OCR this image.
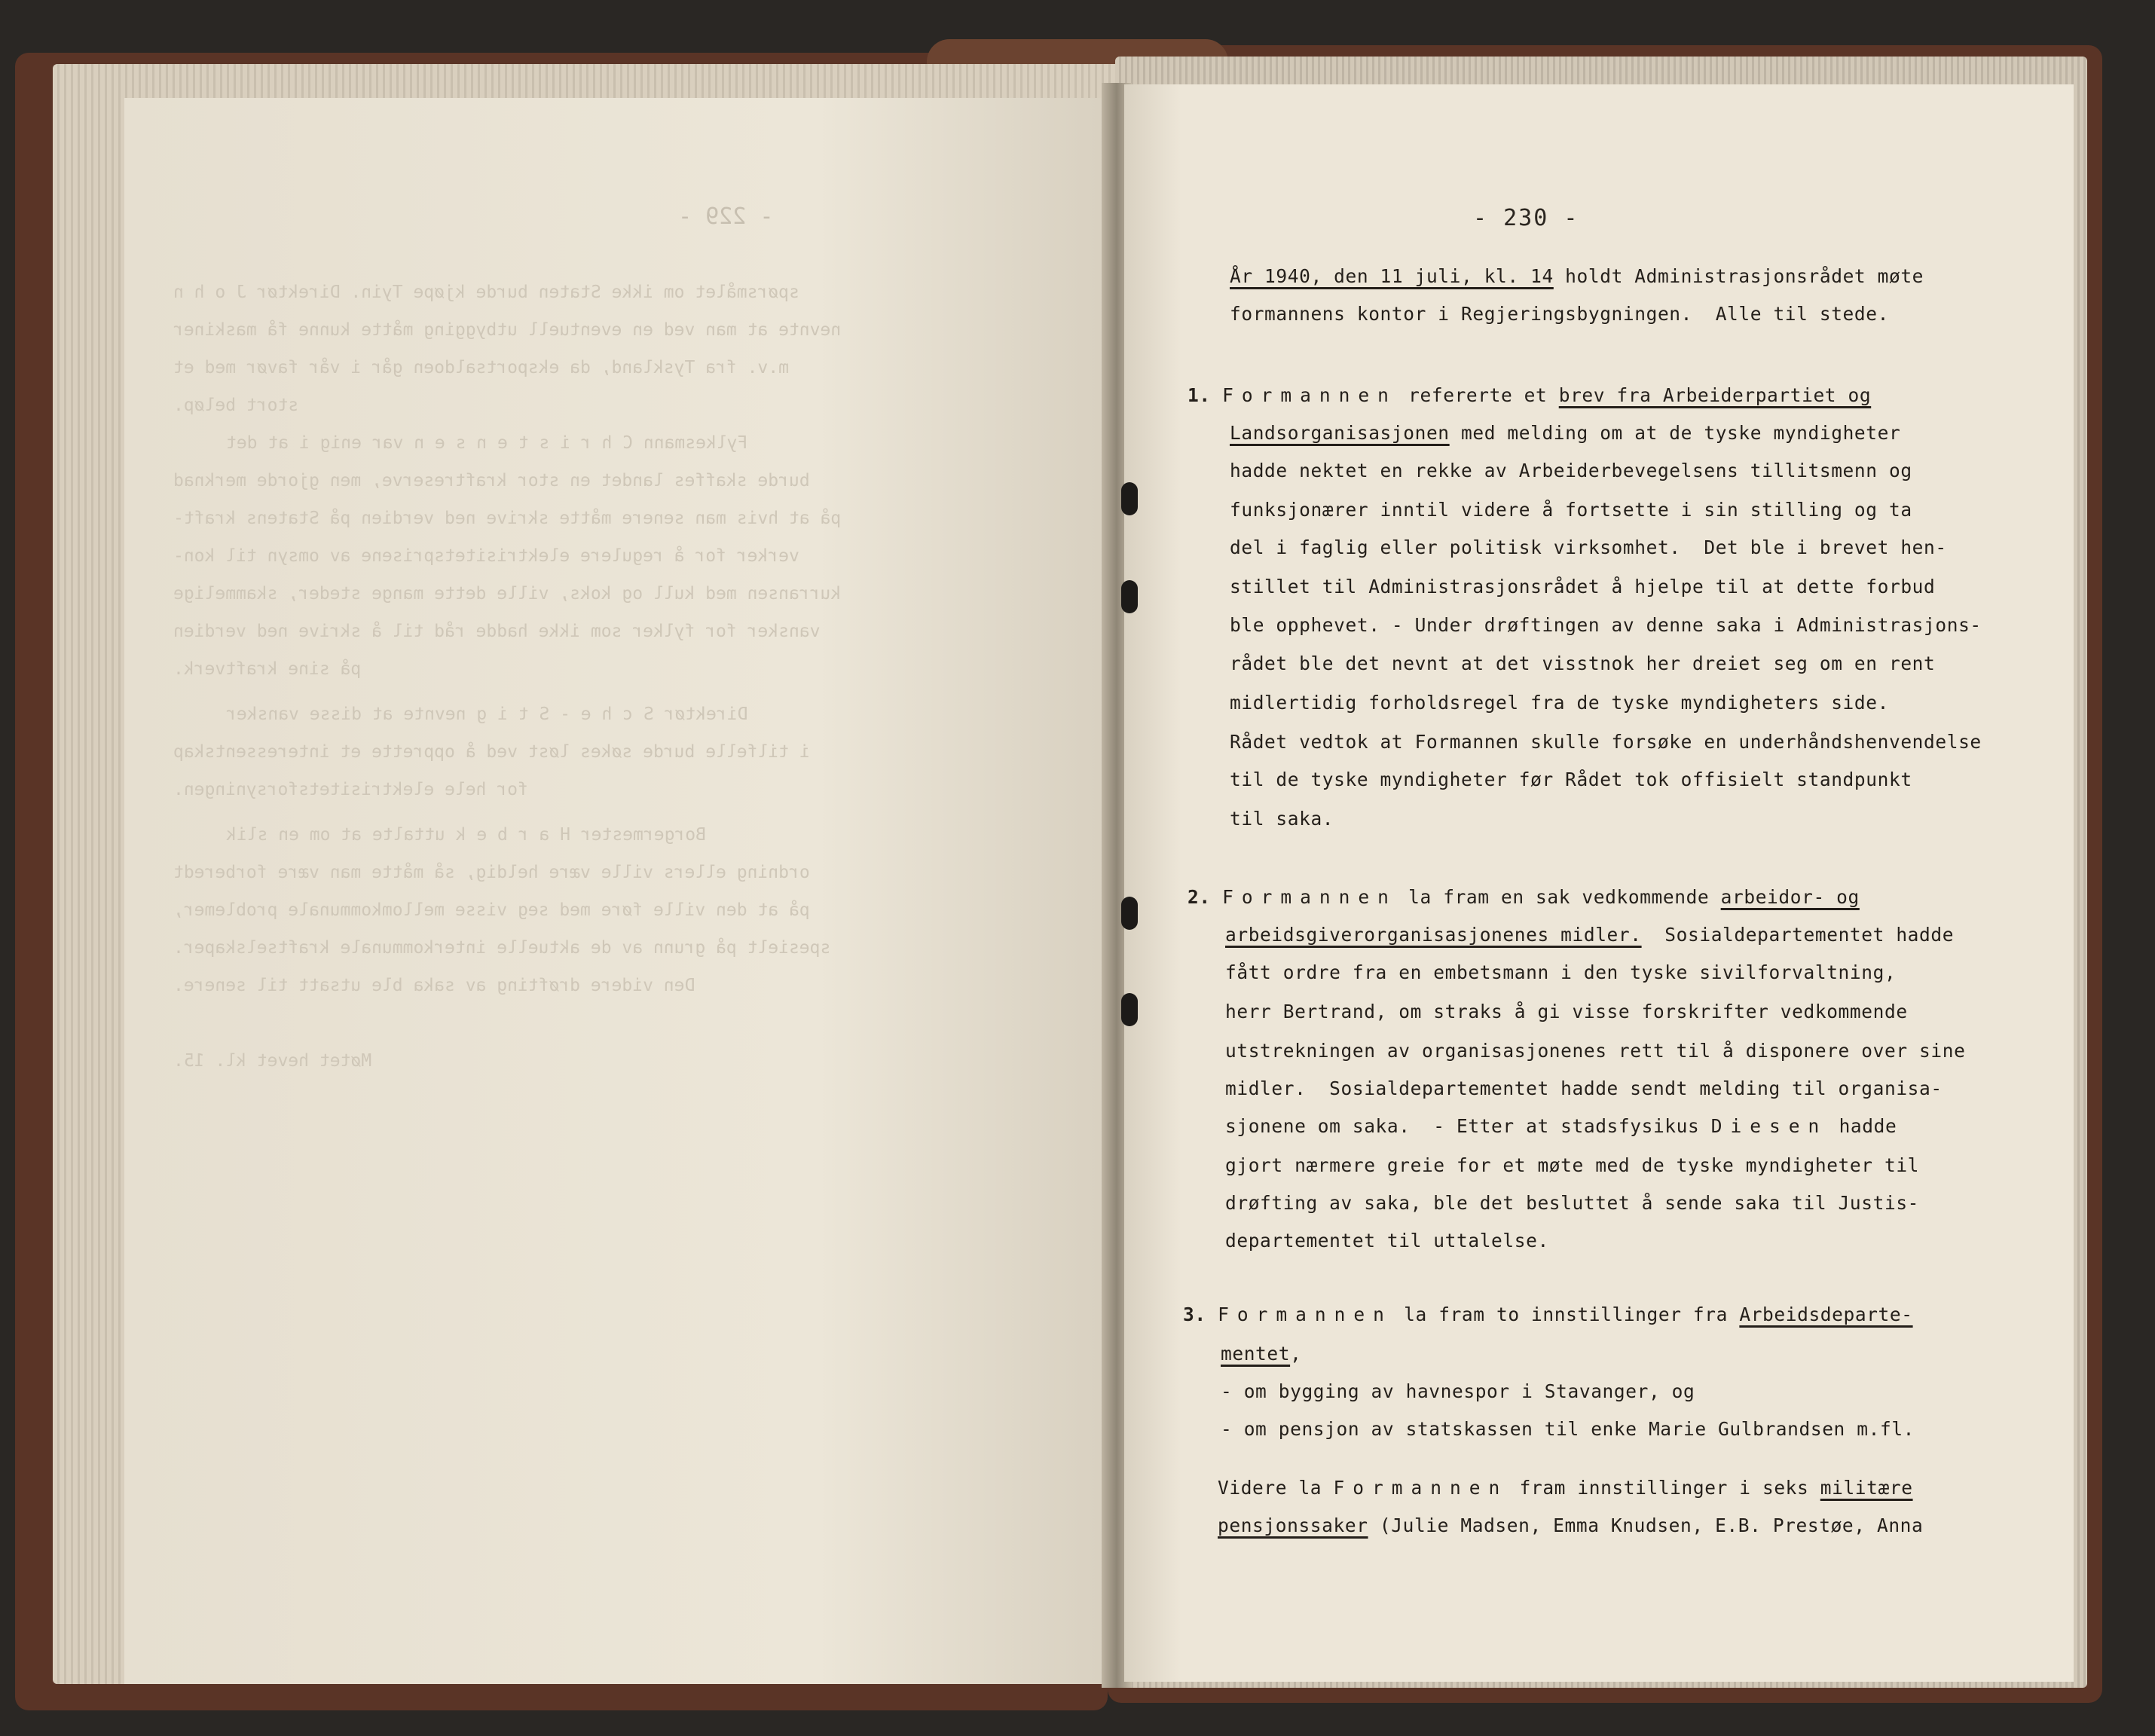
- 229 -
spørsmålet om ikke Staten burde kjøpe Tyin. Direktør J o h n
nevnte at man ved en eventuell utbygging måtte kunne få maskiner
m.v. fra Tyskland, da eksportsaldoen går i vår favør med et
stort beløp.
Fylkesmann C h r i s t e n s e n var enig i at det
burde skaffes landet en stor kraftreserve, men gjorde merknad
på at hvis man senere måtte skrive ned verdien på Statens kraft-
verker for å regulere elektrisitetsprisene av omsyn til kon-
kurransen med kull og koks, ville dette mange steder, skammelige
vansker for fylker som ikke hadde råd til å skrive ned verdien
på sine kraftverk.
Direktør S c h e - S t i g nevnte at disse vansker
i tilfelle burde søkes løst ved å opprette et interessentskap
for hele elektrisitetsforsyningen.
Borgermester H a r b e k uttalte at om en slik
ordning ellers ville være heldig, så måtte man være forberedt
på at den ville føre med seg visse mellomkommunale problemer,
spesielt på grunn av de aktuelle interkommunale kraftselskaper.
Den videre drøfting av saka ble utsatt til senere.
Møtet hevet kl. 15.
- 230 -
År 1940, den 11 juli, kl. 14 holdt Administrasjonsrådet møte
formannens kontor i Regjeringsbygningen.  Alle til stede.
1. Formannen refererte et brev fra Arbeiderpartiet og
Landsorganisasjonen med melding om at de tyske myndigheter
hadde nektet en rekke av Arbeiderbevegelsens tillitsmenn og
funksjonærer inntil videre å fortsette i sin stilling og ta
del i faglig eller politisk virksomhet.  Det ble i brevet hen-
stillet til Administrasjonsrådet å hjelpe til at dette forbud
ble opphevet. - Under drøftingen av denne saka i Administrasjons-
rådet ble det nevnt at det visstnok her dreiet seg om en rent
midlertidig forholdsregel fra de tyske myndigheters side.
Rådet vedtok at Formannen skulle forsøke en underhåndshenvendelse
til de tyske myndigheter før Rådet tok offisielt standpunkt
til saka.
2. Formannen la fram en sak vedkommende arbeidor- og
arbeidsgiverorganisasjonenes midler.  Sosialdepartementet hadde
fått ordre fra en embetsmann i den tyske sivilforvaltning,
herr Bertrand, om straks å gi visse forskrifter vedkommende
utstrekningen av organisasjonenes rett til å disponere over sine
midler.  Sosialdepartementet hadde sendt melding til organisa-
sjonene om saka.  - Etter at stadsfysikus Diesen hadde
gjort nærmere greie for et møte med de tyske myndigheter til
drøfting av saka, ble det besluttet å sende saka til Justis-
departementet til uttalelse.
3. Formannen la fram to innstillinger fra Arbeidsdeparte-
mentet,
- om bygging av havnespor i Stavanger, og
- om pensjon av statskassen til enke Marie Gulbrandsen m.fl.
Videre la Formannen fram innstillinger i seks militære
pensjonssaker (Julie Madsen, Emma Knudsen, E.B. Prestøe, Anna
